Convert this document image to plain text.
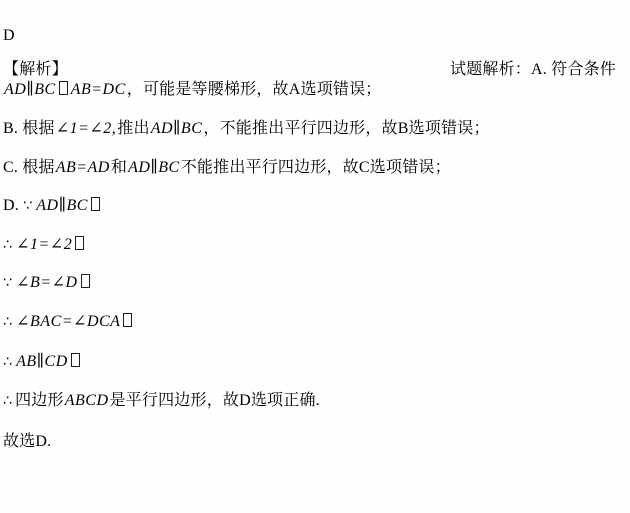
D

【解析】	试题解析：A. 符合条件

AD∥BC AB=DC，可能是等腰梯形，故A选项错误；

B. 根据∠1=∠2,推出AD∥BC，不能推出平行四边形，故B选项错误；

C. 根据AB=AD和AD∥BC不能推出平行四边形，故C选项错误；

D. ∵ AD∥BC

∴ ∠1=∠2

∵ ∠B=∠D

∴ ∠BAC=∠DCA

∴ AB∥CD

∴ 四边形ABCD是平行四边形，故D选项正确.

故选D.
